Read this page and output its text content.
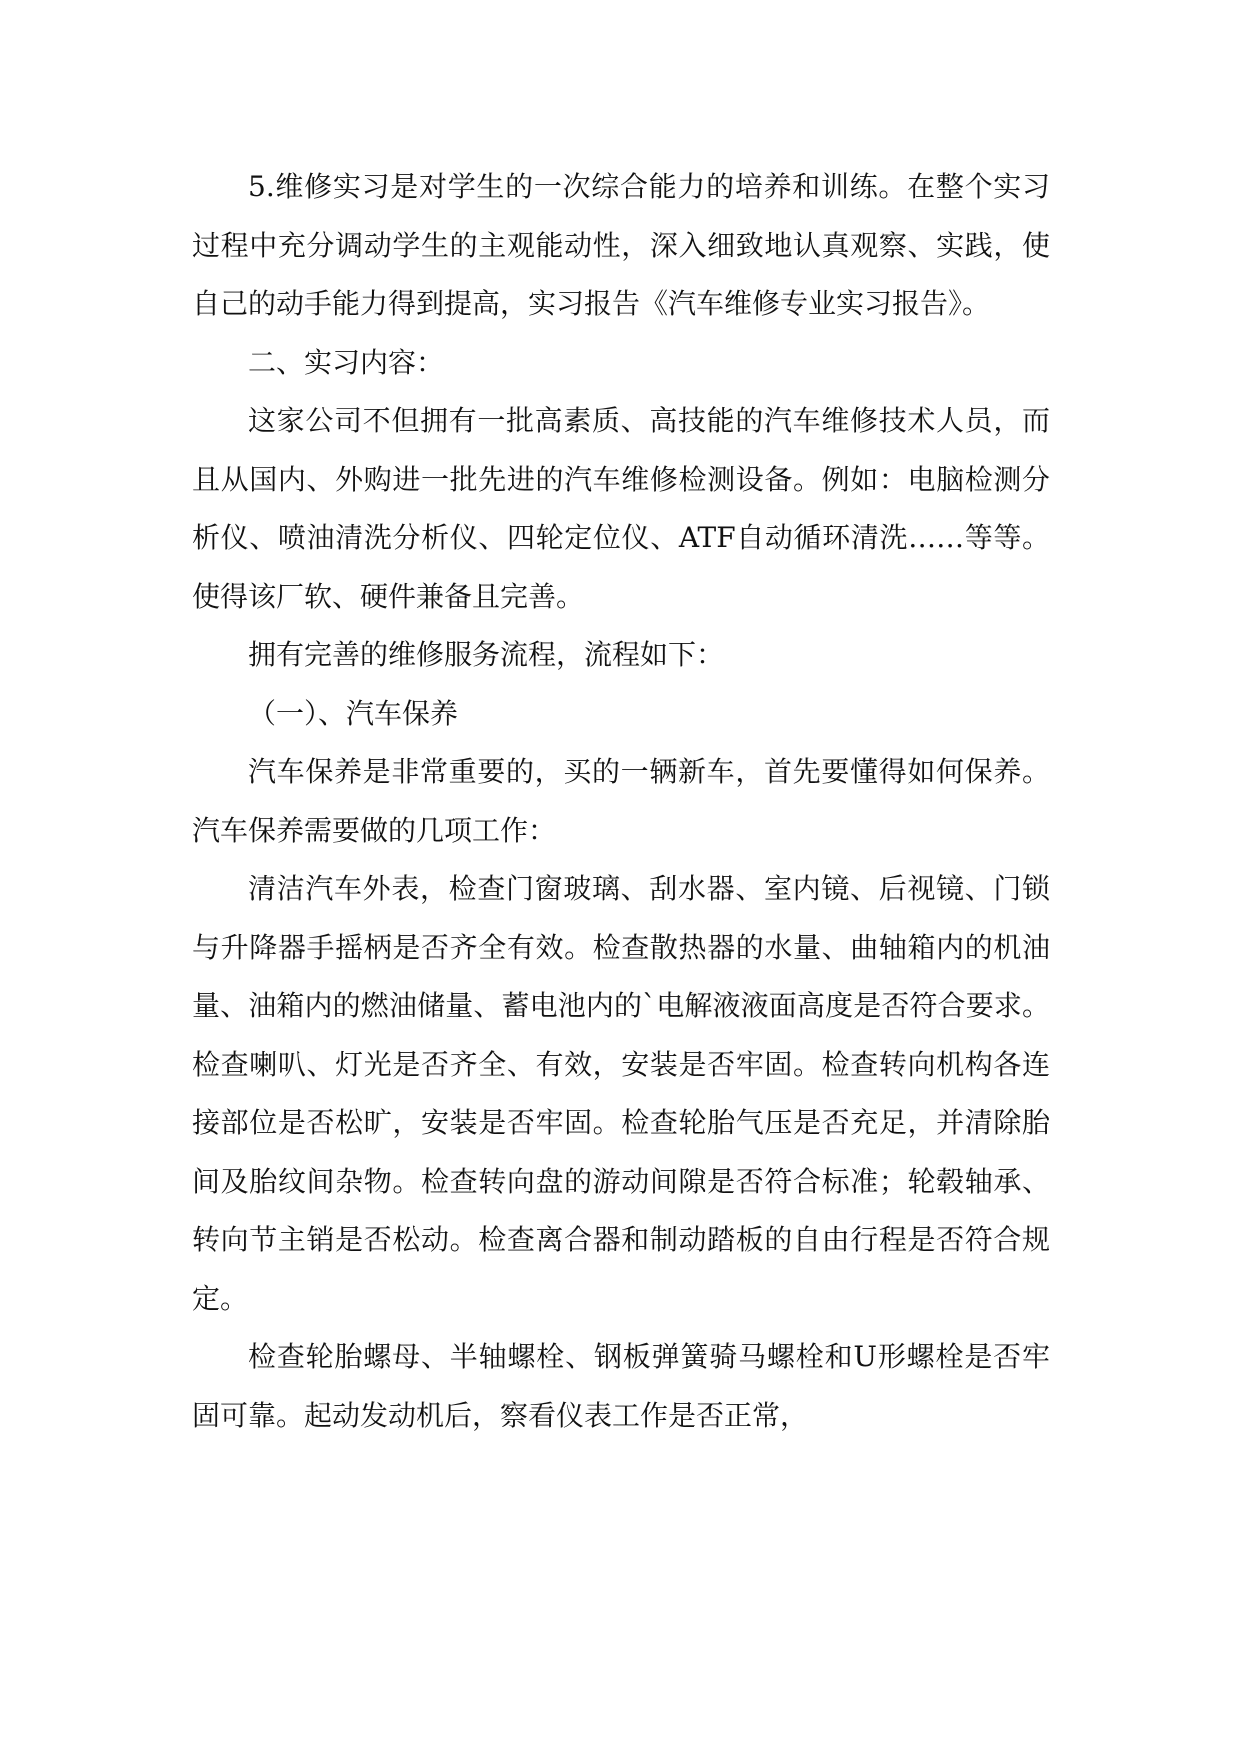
5.维修实习是对学生的一次综合能力的培养和训练。在整个实习过程中充分调动学生的主观能动性，深入细致地认真观察、实践，使自己的动手能力得到提高，实习报告《汽车维修专业实习报告》。

二、实习内容：

这家公司不但拥有一批高素质、高技能的汽车维修技术人员，而且从国内、外购进一批先进的汽车维修检测设备。例如：电脑检测分析仪、喷油清洗分析仪、四轮定位仪、ATF自动循环清洗……等等。使得该厂软、硬件兼备且完善。

拥有完善的维修服务流程，流程如下：

（一）、汽车保养

汽车保养是非常重要的，买的一辆新车，首先要懂得如何保养。汽车保养需要做的几项工作：

清洁汽车外表，检查门窗玻璃、刮水器、室内镜、后视镜、门锁与升降器手摇柄是否齐全有效。检查散热器的水量、曲轴箱内的机油量、油箱内的燃油储量、蓄电池内的`电解液液面高度是否符合要求。检查喇叭、灯光是否齐全、有效，安装是否牢固。检查转向机构各连接部位是否松旷，安装是否牢固。检查轮胎气压是否充足，并清除胎间及胎纹间杂物。检查转向盘的游动间隙是否符合标准；轮毂轴承、转向节主销是否松动。检查离合器和制动踏板的自由行程是否符合规定。

检查轮胎螺母、半轴螺栓、钢板弹簧骑马螺栓和U形螺栓是否牢固可靠。起动发动机后，察看仪表工作是否正常，
